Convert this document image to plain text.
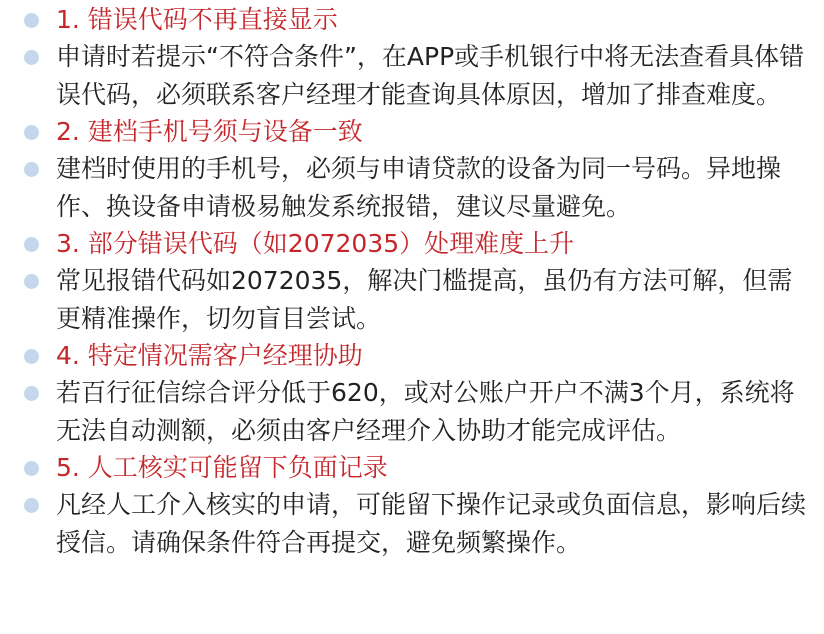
1. 错误代码不再直接显示
申请时若提示“不符合条件”，在APP或手机银行中将无法查看具体错误代码，必须联系客户经理才能查询具体原因，增加了排查难度。
2. 建档手机号须与设备一致
建档时使用的手机号，必须与申请贷款的设备为同一号码。异地操作、换设备申请极易触发系统报错，建议尽量避免。
3. 部分错误代码（如2072035）处理难度上升
常见报错代码如2072035，解决门槛提高，虽仍有方法可解，但需更精准操作，切勿盲目尝试。
4. 特定情况需客户经理协助
若百行征信综合评分低于620，或对公账户开户不满3个月，系统将无法自动测额，必须由客户经理介入协助才能完成评估。
5. 人工核实可能留下负面记录
凡经人工介入核实的申请，可能留下操作记录或负面信息，影响后续授信。请确保条件符合再提交，避免频繁操作。
